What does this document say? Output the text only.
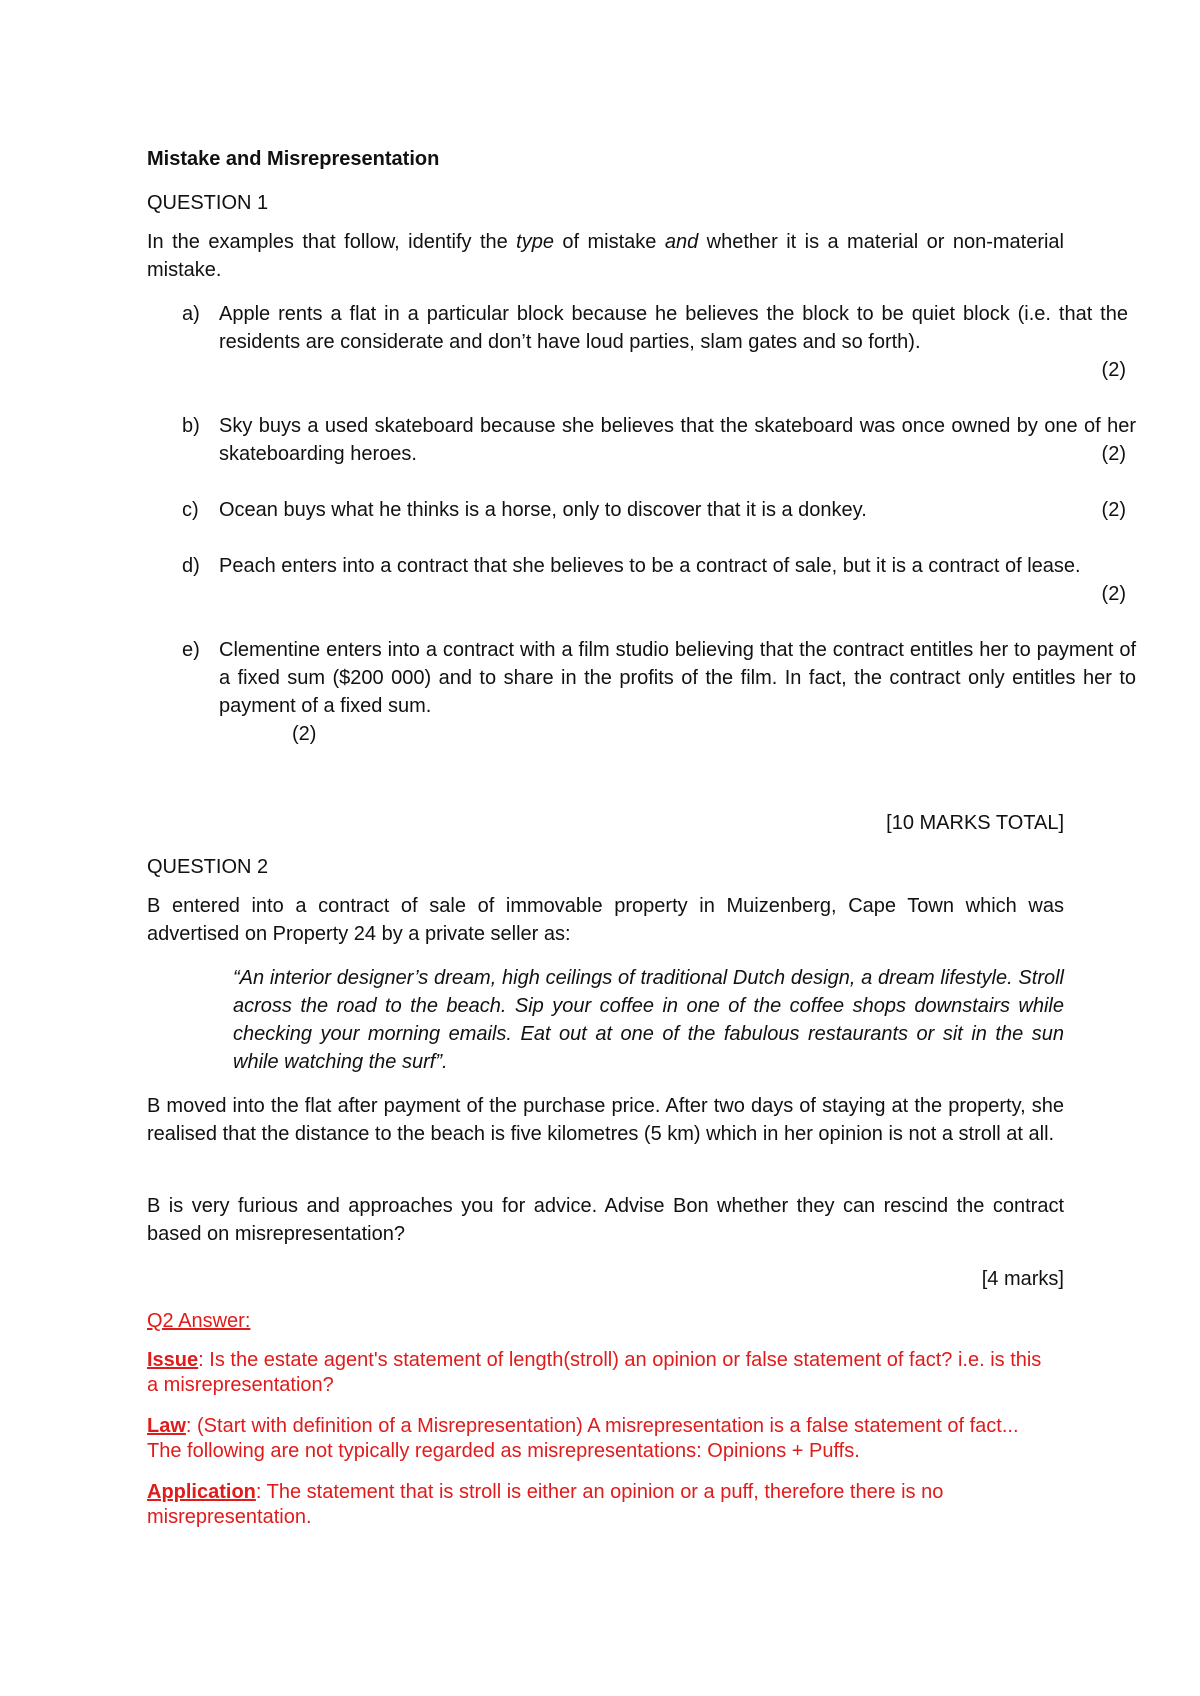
Mistake and Misrepresentation
QUESTION 1
In the examples that follow, identify the type of mistake and whether it is a material or non-material mistake.
a) Apple rents a flat in a particular block because he believes the block to be quiet block (i.e. that the residents are considerate and don’t have loud parties, slam gates and so forth).
(2)
b) Sky buys a used skateboard because she believes that the skateboard was once owned by one of her skateboarding heroes.	(2)
c) Ocean buys what he thinks is a horse, only to discover that it is a donkey.	(2)
d) Peach enters into a contract that she believes to be a contract of sale, but it is a contract of lease.
(2)
e) Clementine enters into a contract with a film studio believing that the contract entitles her to payment of a fixed sum ($200 000) and to share in the profits of the film. In fact, the contract only entitles her to payment of a fixed sum.
(2)
[10 MARKS TOTAL]
QUESTION 2
B entered into a contract of sale of immovable property in Muizenberg, Cape Town which was advertised on Property 24 by a private seller as:
“An interior designer’s dream, high ceilings of traditional Dutch design, a dream lifestyle. Stroll across the road to the beach. Sip your coffee in one of the coffee shops downstairs while checking your morning emails. Eat out at one of the fabulous restaurants or sit in the sun while watching the surf”.
B moved into the flat after payment of the purchase price. After two days of staying at the property, she realised that the distance to the beach is five kilometres (5 km) which in her opinion is not a stroll at all.
B is very furious and approaches you for advice. Advise Bon whether they can rescind the contract based on misrepresentation?
[4 marks]
Q2 Answer:
Issue: Is the estate agent's statement of length(stroll) an opinion or false statement of fact? i.e. is this a misrepresentation?
Law: (Start with definition of a Misrepresentation) A misrepresentation is a false statement of fact...
The following are not typically regarded as misrepresentations: Opinions + Puffs.
Application: The statement that is stroll is either an opinion or a puff, therefore there is no misrepresentation.
